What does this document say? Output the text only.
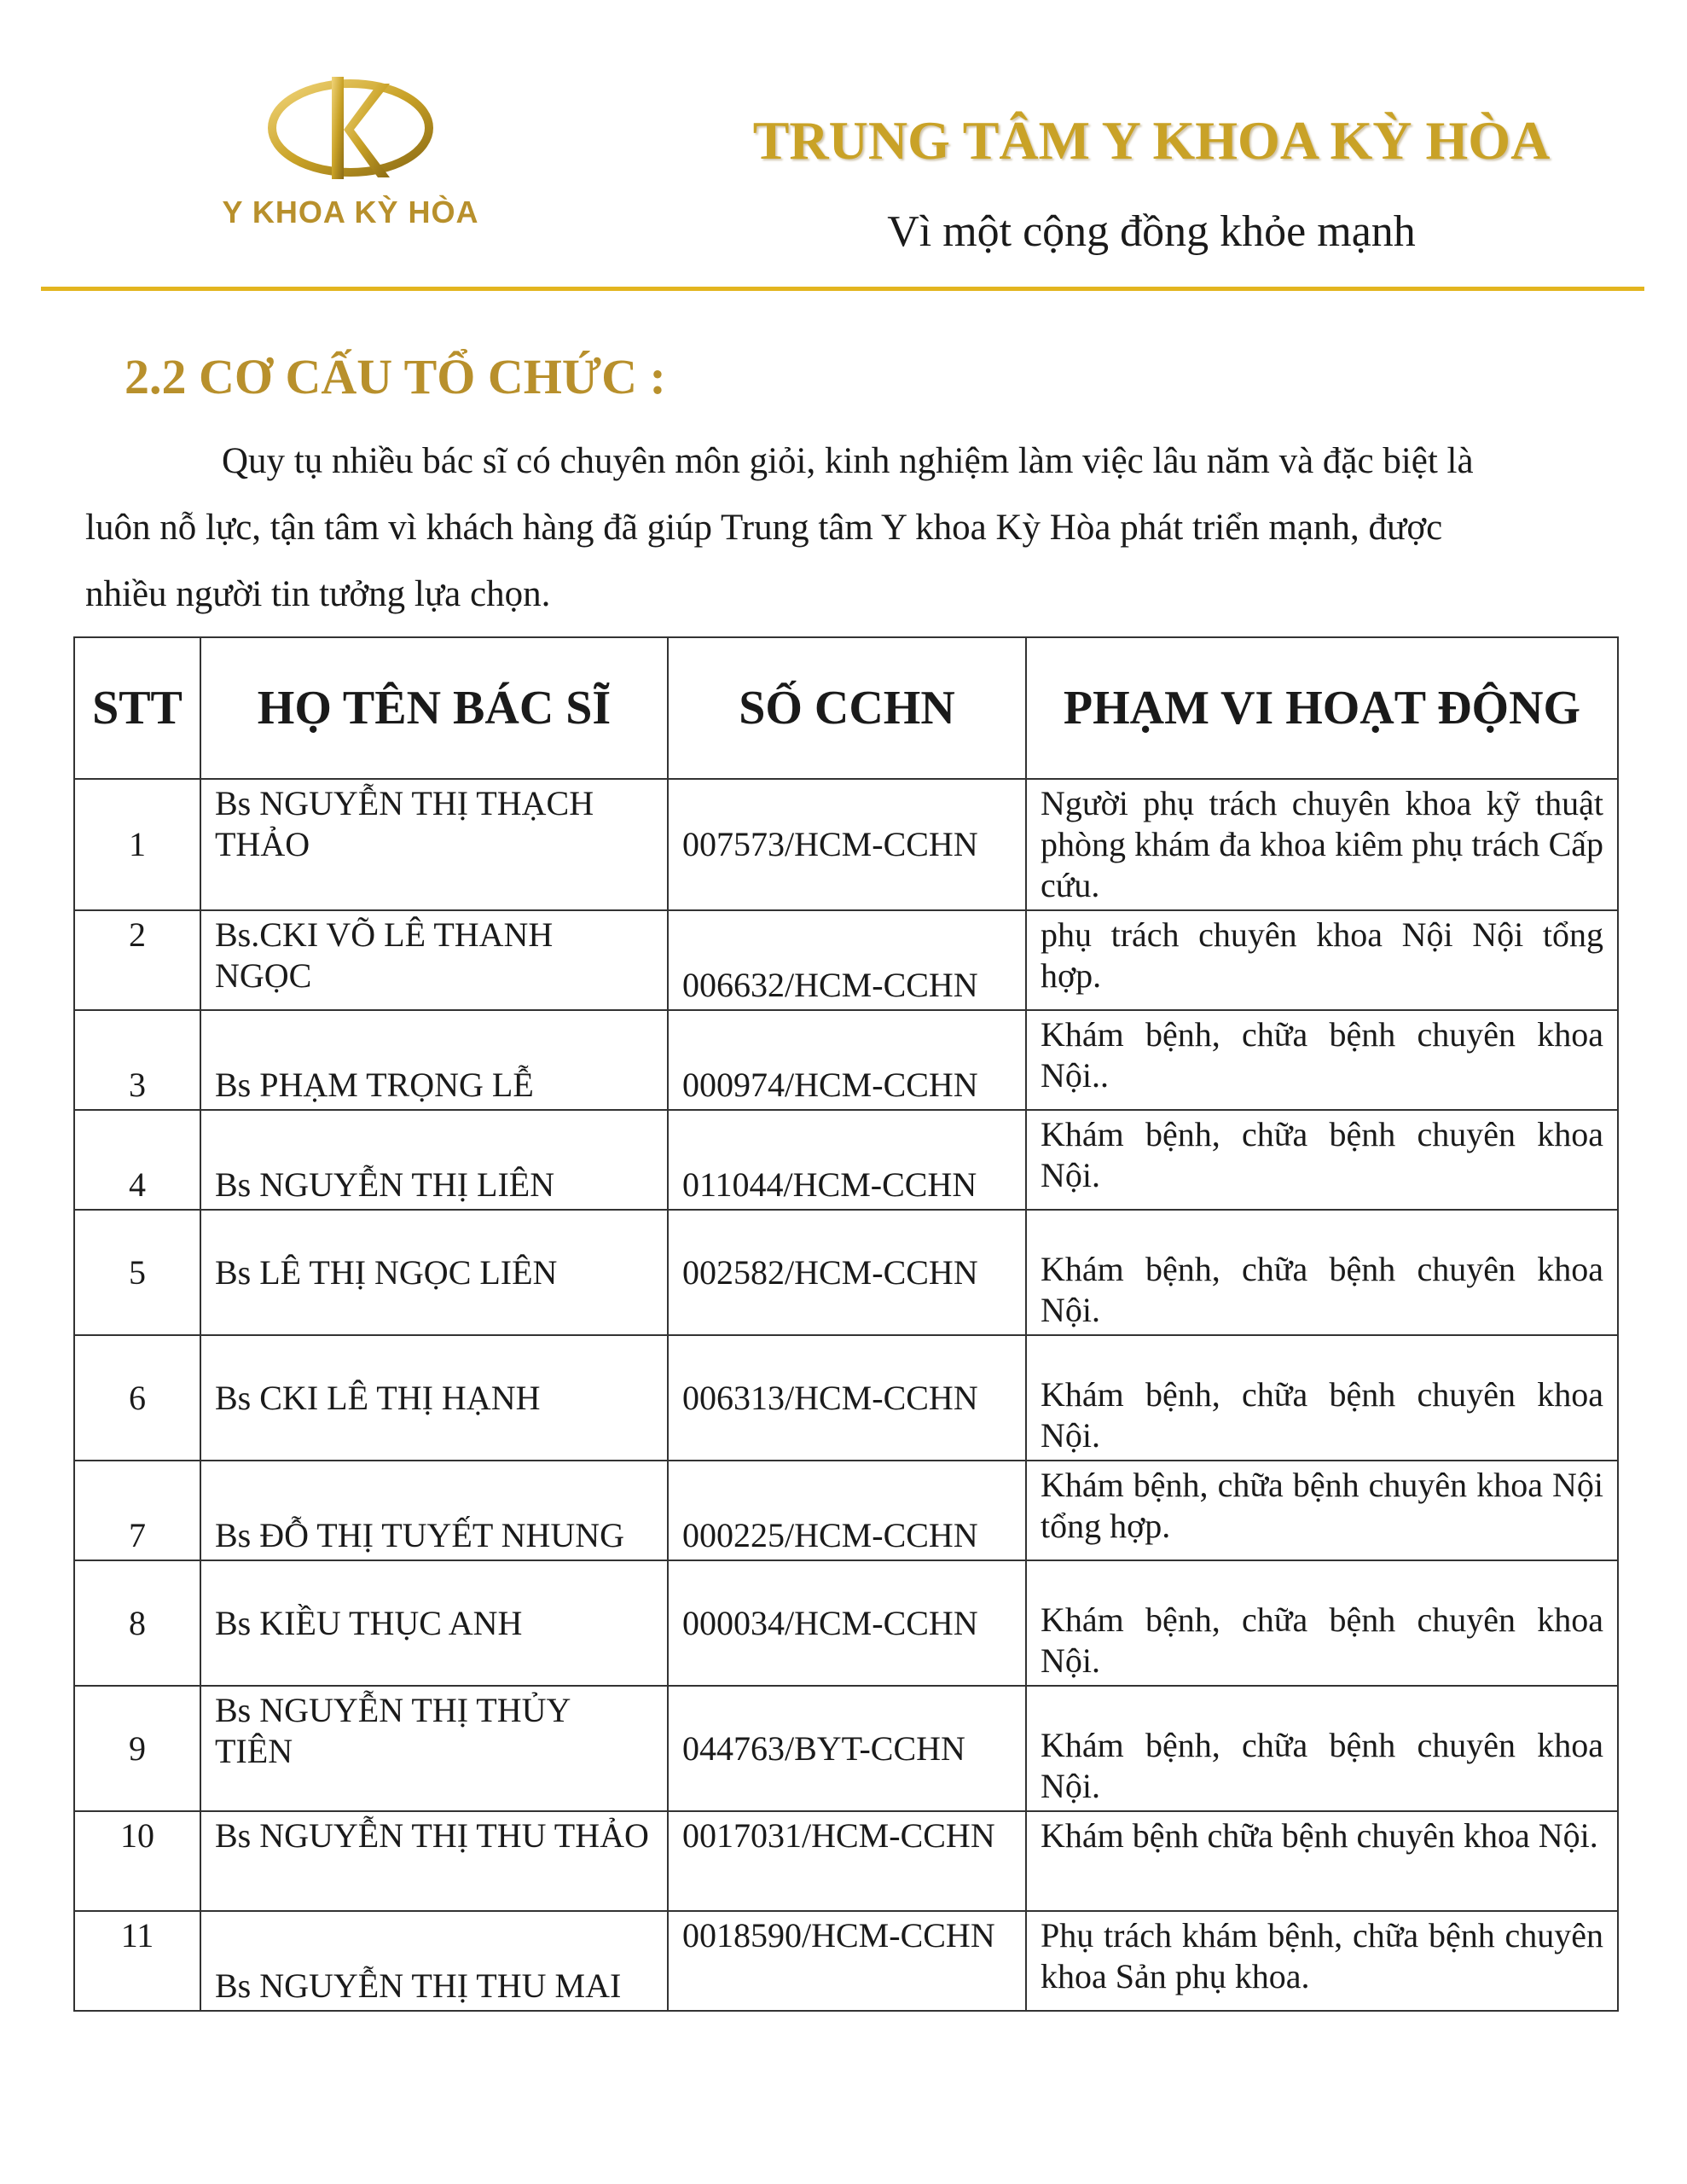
Y KHOA KỲ HÒA
TRUNG TÂM Y KHOA KỲ HÒA
Vì một cộng đồng khỏe mạnh
2.2 CƠ CẤU TỔ CHỨC :

Quy tụ nhiều bác sĩ có chuyên môn giỏi, kinh nghiệm làm việc lâu năm và đặc biệt là

luôn nỗ lực, tận tâm vì khách hàng đã giúp Trung tâm Y khoa Kỳ Hòa phát triển mạnh, được

nhiều người tin tưởng lựa chọn.

STT	HỌ TÊN BÁC SĨ	SỐ CCHN	PHẠM VI HOẠT ĐỘNG
1	Bs NGUYỄN THỊ THẠCH THẢO	007573/HCM-CCHN	Người phụ trách chuyên khoa kỹ thuật phòng khám đa khoa kiêm phụ trách Cấp cứu.
2	Bs.CKI VÕ LÊ THANH NGỌC	006632/HCM-CCHN	phụ trách chuyên khoa Nội Nội tổng hợp.
3	Bs PHẠM TRỌNG LỄ	000974/HCM-CCHN	Khám bệnh, chữa bệnh chuyên khoa Nội..
4	Bs NGUYỄN THỊ LIÊN	011044/HCM-CCHN	Khám bệnh, chữa bệnh chuyên khoa Nội.
5	Bs LÊ THỊ NGỌC LIÊN	002582/HCM-CCHN	Khám bệnh, chữa bệnh chuyên khoa Nội.
6	Bs CKI LÊ THỊ HẠNH	006313/HCM-CCHN	Khám bệnh, chữa bệnh chuyên khoa Nội.
7	Bs ĐỖ THỊ TUYẾT NHUNG	000225/HCM-CCHN	Khám bệnh, chữa bệnh chuyên khoa Nội tổng hợp.
8	Bs KIỀU THỤC ANH	000034/HCM-CCHN	Khám bệnh, chữa bệnh chuyên khoa Nội.
9	Bs NGUYỄN THỊ THỦY TIÊN	044763/BYT-CCHN	Khám bệnh, chữa bệnh chuyên khoa Nội.
10	Bs NGUYỄN THỊ THU THẢO	0017031/HCM-CCHN	Khám bệnh chữa bệnh chuyên khoa Nội.
11	Bs NGUYỄN THỊ THU MAI	0018590/HCM-CCHN	Phụ trách khám bệnh, chữa bệnh chuyên khoa Sản phụ khoa.
